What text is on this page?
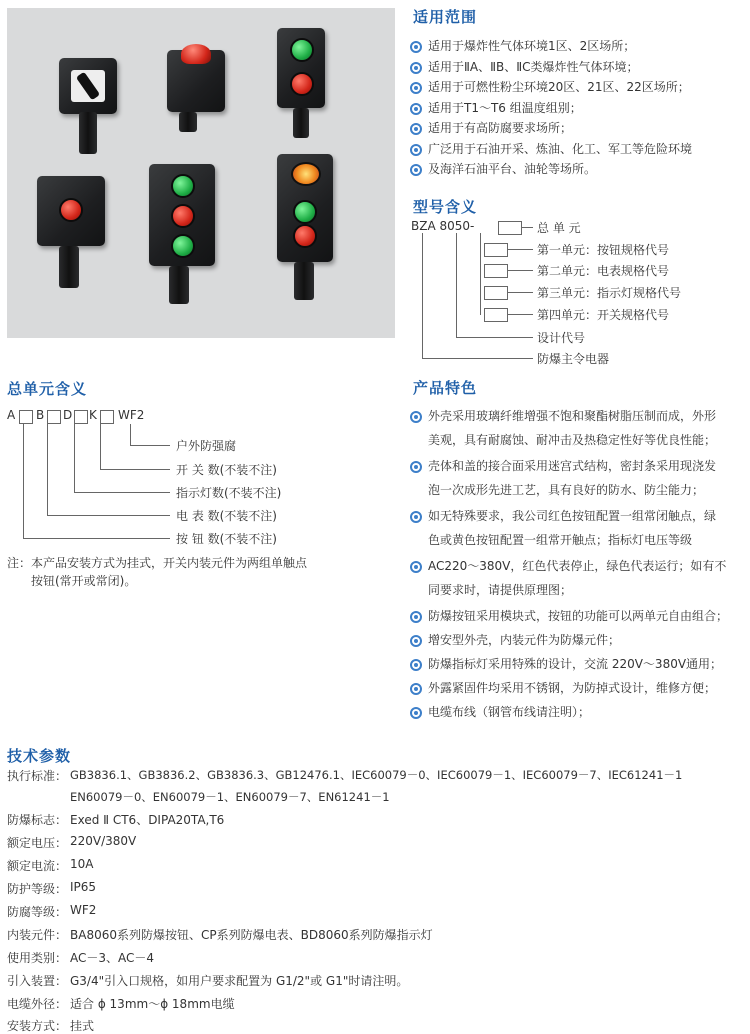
适用范围
型号含义
BZA 8050-
总单元含义
注：本产品安装方式为挂式，开关内装元件为两组单触点
按钮(常开或常闭)。
产品特色
技术参数
适用于爆炸性气体环境1区、2区场所；
适用于ⅡA、ⅡB、ⅡC类爆炸性气体环境；
适用于可燃性粉尘环境20区、21区、22区场所；
适用于T1～T6 组温度组别；
适用于有高防腐要求场所；
广泛用于石油开采、炼油、化工、军工等危险环境
及海洋石油平台、油轮等场所。
总 单 元
第一单元：按钮规格代号
第二单元：电表规格代号
第三单元：指示灯规格代号
第四单元：开关规格代号
设计代号
防爆主令电器
A B D K WF2
户外防强腐
开 关 数(不装不注)
指示灯数(不装不注)
电 表 数(不装不注)
按 钮 数(不装不注)
外壳采用玻璃纤维增强不饱和聚酯树脂压制而成，外形
美观，具有耐腐蚀、耐冲击及热稳定性好等优良性能；
壳体和盖的接合面采用迷宫式结构，密封条采用现浇发
泡一次成形先进工艺，具有良好的防水、防尘能力；
如无特殊要求，我公司红色按钮配置一组常闭触点，绿
色或黄色按钮配置一组常开触点；指标灯电压等级
AC220～380V，红色代表停止，绿色代表运行；如有不
同要求时，请提供原理图；
防爆按钮采用模块式，按钮的功能可以两单元自由组合；
增安型外壳，内装元件为防爆元件；
防爆指标灯采用特殊的设计，交流 220V～380V通用；
外露紧固件均采用不锈钢，为防掉式设计，维修方便；
电缆布线（钢管布线请注明）；
执行标准： GB3836.1、GB3836.2、GB3836.3、GB12476.1、IEC60079－0、IEC60079－1、IEC60079－7、IEC61241－1
EN60079－0、EN60079－1、EN60079－7、EN61241－1
防爆标志： Exed Ⅱ CT6、DIPA20TA,T6
额定电压： 220V/380V
额定电流： 10A
防护等级： IP65
防腐等级： WF2
内装元件： BA8060系列防爆按钮、CP系列防爆电表、BD8060系列防爆指示灯
使用类别： AC－3、AC－4
引入装置： G3/4"引入口规格，如用户要求配置为 G1/2"或 G1"时请注明。
电缆外径： 适合 ϕ 13mm～ϕ 18mm电缆
安装方式： 挂式
